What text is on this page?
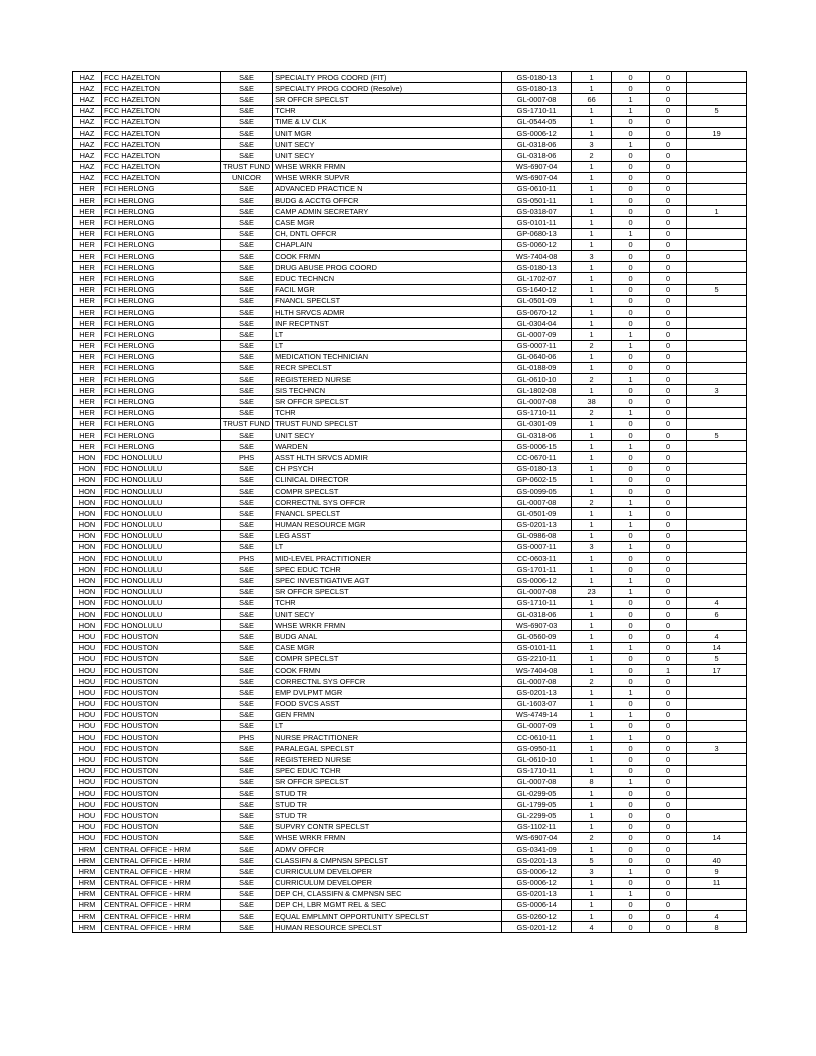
HAZ	FCC HAZELTON	S&E	SPECIALTY PROG COORD (FIT)	GS-0180-13	1	0	0	
HAZ	FCC HAZELTON	S&E	SPECIALTY PROG COORD (Resolve)	GS-0180-13	1	0	0	
HAZ	FCC HAZELTON	S&E	SR OFFCR SPECLST	GL-0007-08	66	1	0	
HAZ	FCC HAZELTON	S&E	TCHR	GS-1710-11	1	1	0	5
HAZ	FCC HAZELTON	S&E	TIME & LV CLK	GL-0544-05	1	0	0	
HAZ	FCC HAZELTON	S&E	UNIT MGR	GS-0006-12	1	0	0	19
HAZ	FCC HAZELTON	S&E	UNIT SECY	GL-0318-06	3	1	0	
HAZ	FCC HAZELTON	S&E	UNIT SECY	GL-0318-06	2	0	0	
HAZ	FCC HAZELTON	TRUST FUND	WHSE WRKR FRMN	WS-6907-04	1	0	0	
HAZ	FCC HAZELTON	UNICOR	WHSE WRKR SUPVR	WS-6907-04	1	0	0	
HER	FCI HERLONG	S&E	ADVANCED PRACTICE N	GS-0610-11	1	0	0	
HER	FCI HERLONG	S&E	BUDG & ACCTG OFFCR	GS-0501-11	1	0	0	
HER	FCI HERLONG	S&E	CAMP ADMIN SECRETARY	GS-0318-07	1	0	0	1
HER	FCI HERLONG	S&E	CASE MGR	GS-0101-11	1	0	0	
HER	FCI HERLONG	S&E	CH, DNTL OFFCR	GP-0680-13	1	1	0	
HER	FCI HERLONG	S&E	CHAPLAIN	GS-0060-12	1	0	0	
HER	FCI HERLONG	S&E	COOK FRMN	WS-7404-08	3	0	0	
HER	FCI HERLONG	S&E	DRUG ABUSE PROG COORD	GS-0180-13	1	0	0	
HER	FCI HERLONG	S&E	EDUC TECHNCN	GL-1702-07	1	0	0	
HER	FCI HERLONG	S&E	FACIL MGR	GS-1640-12	1	0	0	5
HER	FCI HERLONG	S&E	FNANCL SPECLST	GL-0501-09	1	0	0	
HER	FCI HERLONG	S&E	HLTH SRVCS ADMR	GS-0670-12	1	0	0	
HER	FCI HERLONG	S&E	INF RECPTNST	GL-0304-04	1	0	0	
HER	FCI HERLONG	S&E	LT	GL-0007-09	1	1	0	
HER	FCI HERLONG	S&E	LT	GS-0007-11	2	1	0	
HER	FCI HERLONG	S&E	MEDICATION TECHNICIAN	GL-0640-06	1	0	0	
HER	FCI HERLONG	S&E	RECR SPECLST	GL-0188-09	1	0	0	
HER	FCI HERLONG	S&E	REGISTERED NURSE	GL-0610-10	2	1	0	
HER	FCI HERLONG	S&E	SIS TECHNCN	GL-1802-08	1	0	0	3
HER	FCI HERLONG	S&E	SR OFFCR SPECLST	GL-0007-08	38	0	0	
HER	FCI HERLONG	S&E	TCHR	GS-1710-11	2	1	0	
HER	FCI HERLONG	TRUST FUND	TRUST FUND SPECLST	GL-0301-09	1	0	0	
HER	FCI HERLONG	S&E	UNIT SECY	GL-0318-06	1	0	0	5
HER	FCI HERLONG	S&E	WARDEN	GS-0006-15	1	1	0	
HON	FDC HONOLULU	PHS	ASST HLTH SRVCS ADMIR	CC-0670-11	1	0	0	
HON	FDC HONOLULU	S&E	CH PSYCH	GS-0180-13	1	0	0	
HON	FDC HONOLULU	S&E	CLINICAL DIRECTOR	GP-0602-15	1	0	0	
HON	FDC HONOLULU	S&E	COMPR SPECLST	GS-0099-05	1	0	0	
HON	FDC HONOLULU	S&E	CORRECTNL SYS OFFCR	GL-0007-08	2	1	0	
HON	FDC HONOLULU	S&E	FNANCL SPECLST	GL-0501-09	1	1	0	
HON	FDC HONOLULU	S&E	HUMAN RESOURCE MGR	GS-0201-13	1	1	0	
HON	FDC HONOLULU	S&E	LEG ASST	GL-0986-08	1	0	0	
HON	FDC HONOLULU	S&E	LT	GS-0007-11	3	1	0	
HON	FDC HONOLULU	PHS	MID-LEVEL PRACTITIONER	CC-0603-11	1	0	0	
HON	FDC HONOLULU	S&E	SPEC EDUC TCHR	GS-1701-11	1	0	0	
HON	FDC HONOLULU	S&E	SPEC INVESTIGATIVE AGT	GS-0006-12	1	1	0	
HON	FDC HONOLULU	S&E	SR OFFCR SPECLST	GL-0007-08	23	1	0	
HON	FDC HONOLULU	S&E	TCHR	GS-1710-11	1	0	0	4
HON	FDC HONOLULU	S&E	UNIT SECY	GL-0318-06	1	0	0	6
HON	FDC HONOLULU	S&E	WHSE WRKR FRMN	WS-6907-03	1	0	0	
HOU	FDC HOUSTON	S&E	BUDG ANAL	GL-0560-09	1	0	0	4
HOU	FDC HOUSTON	S&E	CASE MGR	GS-0101-11	1	1	0	14
HOU	FDC HOUSTON	S&E	COMPR SPECLST	GS-2210-11	1	0	0	5
HOU	FDC HOUSTON	S&E	COOK FRMN	WS-7404-08	1	0	1	17
HOU	FDC HOUSTON	S&E	CORRECTNL SYS OFFCR	GL-0007-08	2	0	0	
HOU	FDC HOUSTON	S&E	EMP DVLPMT MGR	GS-0201-13	1	1	0	
HOU	FDC HOUSTON	S&E	FOOD SVCS ASST	GL-1603-07	1	0	0	
HOU	FDC HOUSTON	S&E	GEN FRMN	WS-4749-14	1	1	0	
HOU	FDC HOUSTON	S&E	LT	GL-0007-09	1	0	0	
HOU	FDC HOUSTON	PHS	NURSE PRACTITIONER	CC-0610-11	1	1	0	
HOU	FDC HOUSTON	S&E	PARALEGAL SPECLST	GS-0950-11	1	0	0	3
HOU	FDC HOUSTON	S&E	REGISTERED NURSE	GL-0610-10	1	0	0	
HOU	FDC HOUSTON	S&E	SPEC EDUC TCHR	GS-1710-11	1	0	0	
HOU	FDC HOUSTON	S&E	SR OFFCR SPECLST	GL-0007-08	8	1	0	
HOU	FDC HOUSTON	S&E	STUD TR	GL-0299-05	1	0	0	
HOU	FDC HOUSTON	S&E	STUD TR	GL-1799-05	1	0	0	
HOU	FDC HOUSTON	S&E	STUD TR	GL-2299-05	1	0	0	
HOU	FDC HOUSTON	S&E	SUPVRY CONTR SPECLST	GS-1102-11	1	0	0	
HOU	FDC HOUSTON	S&E	WHSE WRKR FRMN	WS-6907-04	2	0	0	14
HRM	CENTRAL OFFICE - HRM	S&E	ADMV OFFCR	GS-0341-09	1	0	0	
HRM	CENTRAL OFFICE - HRM	S&E	CLASSIFN & CMPNSN SPECLST	GS-0201-13	5	0	0	40
HRM	CENTRAL OFFICE - HRM	S&E	CURRICULUM DEVELOPER	GS-0006-12	3	1	0	9
HRM	CENTRAL OFFICE - HRM	S&E	CURRICULUM DEVELOPER	GS-0006-12	1	0	0	11
HRM	CENTRAL OFFICE - HRM	S&E	DEP CH, CLASSIFN & CMPNSN SEC	GS-0201-13	1	1	0	
HRM	CENTRAL OFFICE - HRM	S&E	DEP CH, LBR MGMT REL & SEC	GS-0006-14	1	0	0	
HRM	CENTRAL OFFICE - HRM	S&E	EQUAL EMPLMNT OPPORTUNITY SPECLST	GS-0260-12	1	0	0	4
HRM	CENTRAL OFFICE - HRM	S&E	HUMAN RESOURCE SPECLST	GS-0201-12	4	0	0	8
